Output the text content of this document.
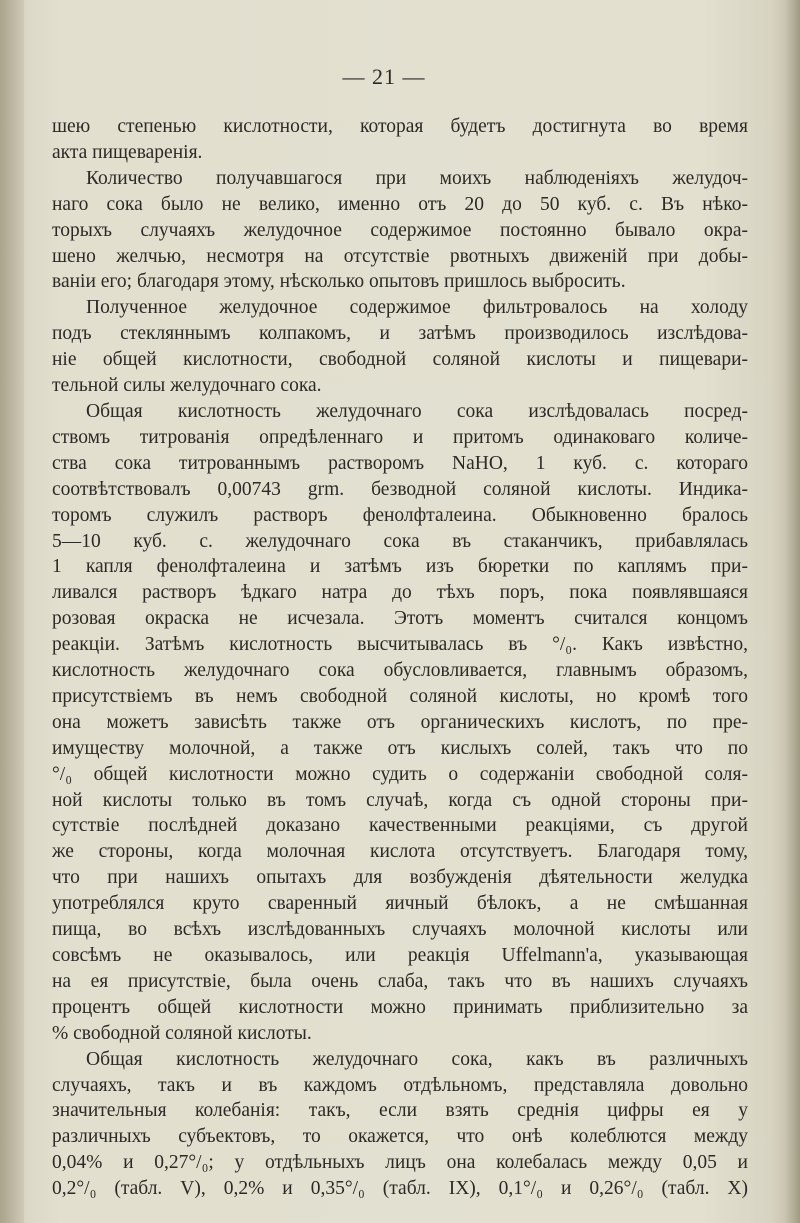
— 21 —

шею степенью кислотности, которая будетъ достигнута во время
акта пищеваренія.

Количество получавшагося при моихъ наблюденіяхъ желудоч-
наго сока было не велико, именно отъ 20 до 50 куб. с. Въ нѣко-
торыхъ случаяхъ желудочное содержимое постоянно бывало окра-
шено желчью, несмотря на отсутствіе рвотныхъ движеній при добы-
ваніи его; благодаря этому, нѣсколько опытовъ пришлось выбросить.

Полученное желудочное содержимое фильтровалось на холоду
подъ стекляннымъ колпакомъ, и затѣмъ производилось изслѣдова-
ніе общей кислотности, свободной соляной кислоты и пищевари-
тельной силы желудочнаго сока.

Общая кислотность желудочнаго сока изслѣдовалась посред-
ствомъ титрованія опредѣленнаго и притомъ одинаковаго количе-
ства сока титрованнымъ растворомъ NaHO, 1 куб. с. котораго
соотвѣтствовалъ 0,00743 grm. безводной соляной кислоты. Индика-
торомъ служилъ растворъ фенолфталеина. Обыкновенно бралось
5—10 куб. с. желудочнаго сока въ стаканчикъ, прибавлялась
1 капля фенолфталеина и затѣмъ изъ бюретки по каплямъ при-
ливался растворъ ѣдкаго натра до тѣхъ поръ, пока появлявшаяся
розовая окраска не исчезала. Этотъ моментъ считался концомъ
реакціи. Затѣмъ кислотность высчитывалась въ °/₀. Какъ извѣстно,
кислотность желудочнаго сока обусловливается, главнымъ образомъ,
присутствіемъ въ немъ свободной соляной кислоты, но кромѣ того
она можетъ зависѣть также отъ органическихъ кислотъ, по пре-
имуществу молочной, а также отъ кислыхъ солей, такъ что по
°/₀ общей кислотности можно судить о содержаніи свободной соля-
ной кислоты только въ томъ случаѣ, когда съ одной стороны при-
сутствіе послѣдней доказано качественными реакціями, съ другой
же стороны, когда молочная кислота отсутствуетъ. Благодаря тому,
что при нашихъ опытахъ для возбужденія дѣятельности желудка
употреблялся круто сваренный яичный бѣлокъ, а не смѣшанная
пища, во всѣхъ изслѣдованныхъ случаяхъ молочной кислоты или
совсѣмъ не оказывалось, или реакція Uffelmann'а, указывающая
на ея присутствіе, была очень слаба, такъ что въ нашихъ случаяхъ
процентъ общей кислотности можно принимать приблизительно за
% свободной соляной кислоты.

Общая кислотность желудочнаго сока, какъ въ различныхъ
случаяхъ, такъ и въ каждомъ отдѣльномъ, представляла довольно
значительныя колебанія: такъ, если взять среднія цифры ея у
различныхъ субъектовъ, то окажется, что онѣ колеблются между
0,04% и 0,27°/₀; у отдѣльныхъ лицъ она колебалась между 0,05 и
0,2°/₀ (табл. V), 0,2% и 0,35°/₀ (табл. IX), 0,1°/₀ и 0,26°/₀ (табл. X)
